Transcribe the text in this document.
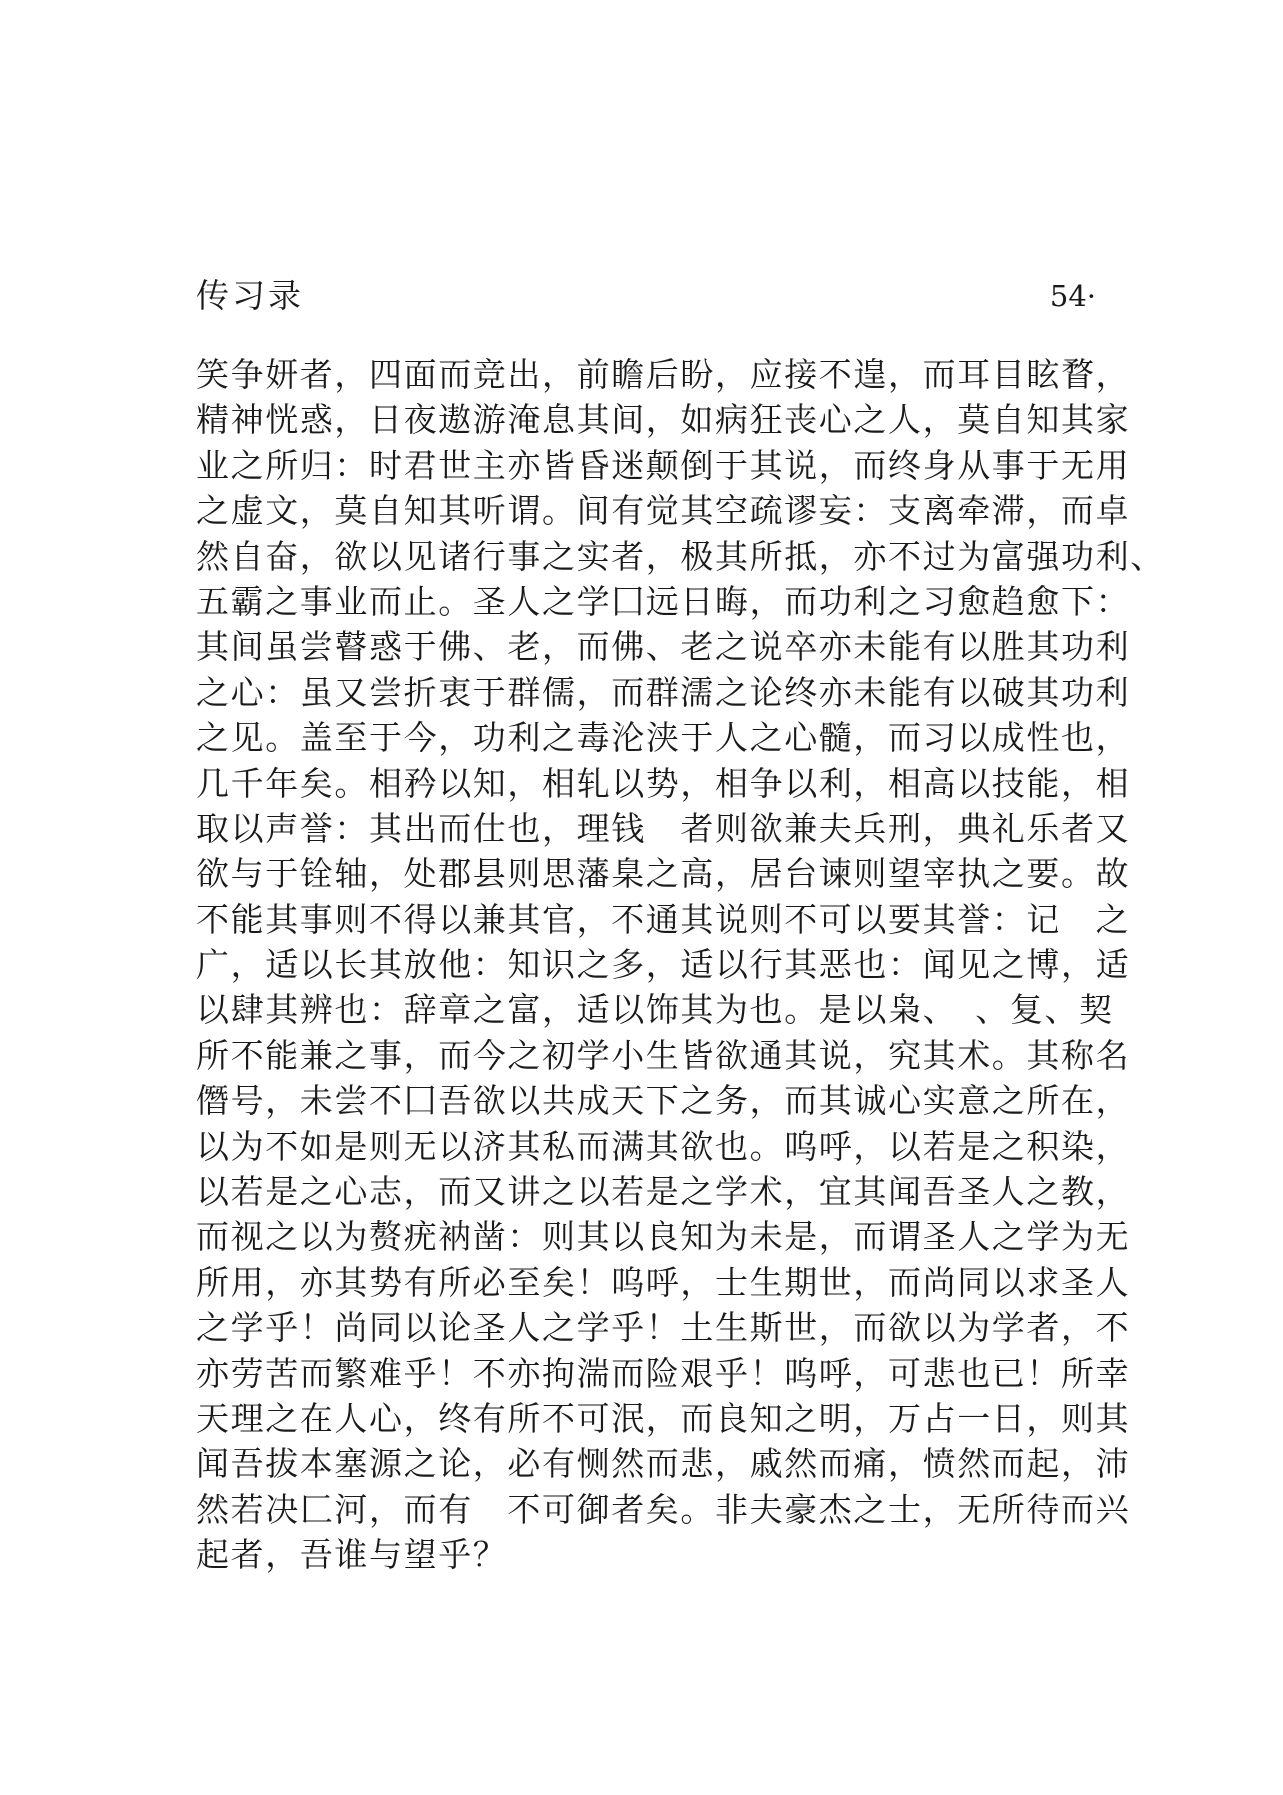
传习录	54·
笑争妍者，四面而竞出，前瞻后盼，应接不遑，而耳目眩瞀，
精神恍惑，日夜遨游淹息其间，如病狂丧心之人，莫自知其家
业之所归：时君世主亦皆昏迷颠倒于其说，而终身从事于无用
之虚文，莫自知其听谓。间有觉其空疏谬妄：支离牵滞，而卓
然自奋，欲以见诸行事之实者，极其所抵，亦不过为富强功利、
五霸之事业而止。圣人之学囗远日晦，而功利之习愈趋愈下：
其间虽尝瞽惑于佛、老，而佛、老之说卒亦未能有以胜其功利
之心：虽又尝折衷于群儒，而群濡之论终亦未能有以破其功利
之见。盖至于今，功利之毒沦浃于人之心髓，而习以成性也，
几千年矣。相矜以知，相轧以势，相争以利，相高以技能，相
取以声誉：其出而仕也，理钱　者则欲兼夫兵刑，典礼乐者又
欲与于铨轴，处郡县则思藩臬之高，居台谏则望宰执之要。故
不能其事则不得以兼其官，不通其说则不可以要其誉：记　之
广，适以长其放他：知识之多，适以行其恶也：闻见之博，适
以肆其辨也：辞章之富，适以饰其为也。是以枭、　、复、契
所不能兼之事，而今之初学小生皆欲通其说，究其术。其称名
僭号，未尝不囗吾欲以共成天下之务，而其诚心实意之所在，
以为不如是则无以济其私而满其欲也。呜呼，以若是之积染，
以若是之心志，而又讲之以若是之学术，宜其闻吾圣人之教，
而视之以为赘疣衲凿：则其以良知为未是，而谓圣人之学为无
所用，亦其势有所必至矣！呜呼，士生期世，而尚同以求圣人
之学乎！尚同以论圣人之学乎！土生斯世，而欲以为学者，不
亦劳苦而繁难乎！不亦拘湍而险艰乎！呜呼，可悲也已！所幸
天理之在人心，终有所不可泯，而良知之明，万占一日，则其
闻吾拔本塞源之论，必有恻然而悲，戚然而痛，愤然而起，沛
然若决匚河，而有　不可御者矣。非夫豪杰之士，无所待而兴
起者，吾谁与望乎？
